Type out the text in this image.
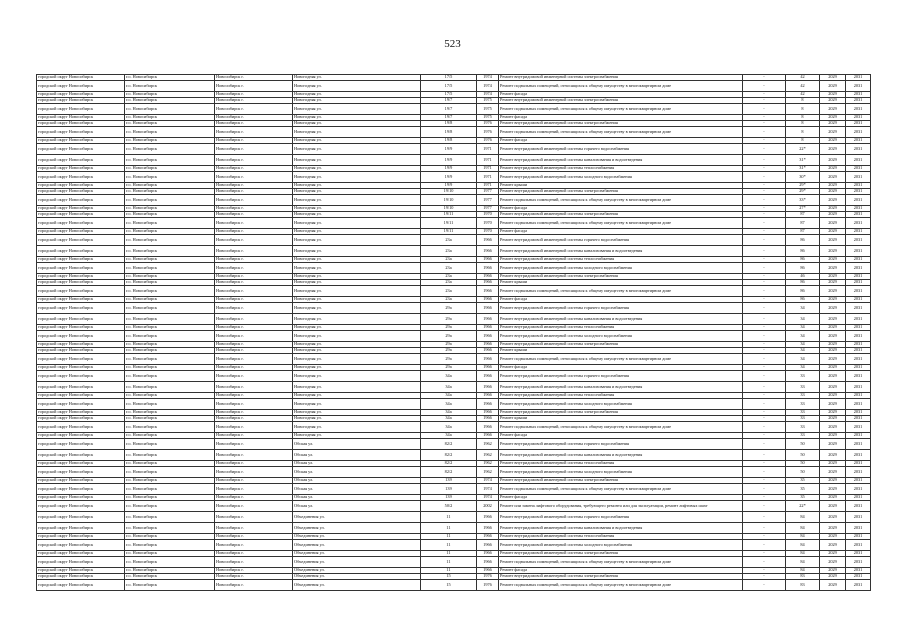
523
городской округ Новосибирск	г.о. Новосибирск	Новосибирск г.	Новогодняя ул.	17/5	1974	Ремонт внутридомовой инженерной системы электроснабжения	-	42	2029	2031
городской округ Новосибирск	г.о. Новосибирск	Новосибирск г.	Новогодняя ул.	17/5	1974	Ремонт подвальных помещений, относящихся к общему имуществу в многоквартирном доме	-	42	2029	2031
городской округ Новосибирск	г.о. Новосибирск	Новосибирск г.	Новогодняя ул.	17/5	1974	Ремонт фасада	-	42	2029	2031
городской округ Новосибирск	г.о. Новосибирск	Новосибирск г.	Новогодняя ул.	19/7	1975	Ремонт внутридомовой инженерной системы электроснабжения	-	8	2029	2031
городской округ Новосибирск	г.о. Новосибирск	Новосибирск г.	Новогодняя ул.	19/7	1975	Ремонт подвальных помещений, относящихся к общему имуществу в многоквартирном доме	-	8	2029	2031
городской округ Новосибирск	г.о. Новосибирск	Новосибирск г.	Новогодняя ул.	19/7	1975	Ремонт фасада	-	8	2029	2031
городской округ Новосибирск	г.о. Новосибирск	Новосибирск г.	Новогодняя ул.	19/8	1976	Ремонт внутридомовой инженерной системы электроснабжения	-	8	2029	2031
городской округ Новосибирск	г.о. Новосибирск	Новосибирск г.	Новогодняя ул.	19/8	1976	Ремонт подвальных помещений, относящихся к общему имуществу в многоквартирном доме	-	8	2029	2031
городской округ Новосибирск	г.о. Новосибирск	Новосибирск г.	Новогодняя ул.	19/8	1976	Ремонт фасада	-	8	2029	2031
городской округ Новосибирск	г.о. Новосибирск	Новосибирск г.	Новогодняя ул.	19/9	1971	Ремонт внутридомовой инженерной системы горячего водоснабжения	-	22*	2029	2031
городской округ Новосибирск	г.о. Новосибирск	Новосибирск г.	Новогодняя ул.	19/9	1971	Ремонт внутридомовой инженерной системы канализования и водоотведения	-	31*	2029	2031
городской округ Новосибирск	г.о. Новосибирск	Новосибирск г.	Новогодняя ул.	19/9	1971	Ремонт внутридомовой инженерной системы теплоснабжения	-	31*	2029	2031
городской округ Новосибирск	г.о. Новосибирск	Новосибирск г.	Новогодняя ул.	19/9	1971	Ремонт внутридомовой инженерной системы холодного водоснабжения	-	30*	2029	2031
городской округ Новосибирск	г.о. Новосибирск	Новосибирск г.	Новогодняя ул.	19/9	1971	Ремонт крыши	-	29*	2029	2031
городской округ Новосибирск	г.о. Новосибирск	Новосибирск г.	Новогодняя ул.	19/10	1977	Ремонт внутридомовой инженерной системы электроснабжения	-	29*	2029	2031
городской округ Новосибирск	г.о. Новосибирск	Новосибирск г.	Новогодняя ул.	19/10	1977	Ремонт подвальных помещений, относящихся к общему имуществу в многоквартирном доме	-	33*	2029	2031
городской округ Новосибирск	г.о. Новосибирск	Новосибирск г.	Новогодняя ул.	19/10	1977	Ремонт фасада	-	27*	2029	2031
городской округ Новосибирск	г.о. Новосибирск	Новосибирск г.	Новогодняя ул.	19/11	1970	Ремонт внутридомовой инженерной системы электроснабжения	-	87	2029	2031
городской округ Новосибирск	г.о. Новосибирск	Новосибирск г.	Новогодняя ул.	19/11	1970	Ремонт подвальных помещений, относящихся к общему имуществу в многоквартирном доме	-	87	2029	2031
городской округ Новосибирск	г.о. Новосибирск	Новосибирск г.	Новогодняя ул.	19/11	1970	Ремонт фасада	-	87	2029	2031
городской округ Новосибирск	г.о. Новосибирск	Новосибирск г.	Новогодняя ул.	23а	1966	Ремонт внутридомовой инженерной системы горячего водоснабжения	-	86	2029	2031
городской округ Новосибирск	г.о. Новосибирск	Новосибирск г.	Новогодняя ул.	23а	1966	Ремонт внутридомовой инженерной системы канализования и водоотведения	-	86	2029	2031
городской округ Новосибирск	г.о. Новосибирск	Новосибирск г.	Новогодняя ул.	23а	1966	Ремонт внутридомовой инженерной системы теплоснабжения	-	86	2029	2031
городской округ Новосибирск	г.о. Новосибирск	Новосибирск г.	Новогодняя ул.	23а	1966	Ремонт внутридомовой инженерной системы холодного водоснабжения	-	86	2029	2031
городской округ Новосибирск	г.о. Новосибирск	Новосибирск г.	Новогодняя ул.	23а	1966	Ремонт внутридомовой инженерной системы электроснабжения	-	46	2029	2031
городской округ Новосибирск	г.о. Новосибирск	Новосибирск г.	Новогодняя ул.	23а	1966	Ремонт крыши	-	86	2029	2031
городской округ Новосибирск	г.о. Новосибирск	Новосибирск г.	Новогодняя ул.	23а	1966	Ремонт подвальных помещений, относящихся к общему имуществу в многоквартирном доме	-	86	2029	2031
городской округ Новосибирск	г.о. Новосибирск	Новосибирск г.	Новогодняя ул.	23а	1966	Ремонт фасада	-	86	2029	2031
городской округ Новосибирск	г.о. Новосибирск	Новосибирск г.	Новогодняя ул.	29а	1966	Ремонт внутридомовой инженерной системы горячего водоснабжения	-	34	2029	2031
городской округ Новосибирск	г.о. Новосибирск	Новосибирск г.	Новогодняя ул.	29а	1966	Ремонт внутридомовой инженерной системы канализования и водоотведения	-	34	2029	2031
городской округ Новосибирск	г.о. Новосибирск	Новосибирск г.	Новогодняя ул.	29а	1966	Ремонт внутридомовой инженерной системы теплоснабжения	-	34	2029	2031
городской округ Новосибирск	г.о. Новосибирск	Новосибирск г.	Новогодняя ул.	29а	1966	Ремонт внутридомовой инженерной системы холодного водоснабжения	-	34	2029	2031
городской округ Новосибирск	г.о. Новосибирск	Новосибирск г.	Новогодняя ул.	29а	1966	Ремонт внутридомовой инженерной системы электроснабжения	-	34	2029	2031
городской округ Новосибирск	г.о. Новосибирск	Новосибирск г.	Новогодняя ул.	29а	1966	Ремонт крыши	-	34	2029	2031
городской округ Новосибирск	г.о. Новосибирск	Новосибирск г.	Новогодняя ул.	29а	1966	Ремонт подвальных помещений, относящихся к общему имуществу в многоквартирном доме	-	34	2029	2031
городской округ Новосибирск	г.о. Новосибирск	Новосибирск г.	Новогодняя ул.	29а	1966	Ремонт фасада	-	34	2029	2031
городской округ Новосибирск	г.о. Новосибирск	Новосибирск г.	Новогодняя ул.	34а	1966	Ремонт внутридомовой инженерной системы горячего водоснабжения	-	33	2029	2031
городской округ Новосибирск	г.о. Новосибирск	Новосибирск г.	Новогодняя ул.	34а	1966	Ремонт внутридомовой инженерной системы канализования и водоотведения	-	33	2029	2031
городской округ Новосибирск	г.о. Новосибирск	Новосибирск г.	Новогодняя ул.	34а	1966	Ремонт внутридомовой инженерной системы теплоснабжения	-	33	2029	2031
городской округ Новосибирск	г.о. Новосибирск	Новосибирск г.	Новогодняя ул.	34а	1966	Ремонт внутридомовой инженерной системы холодного водоснабжения	-	33	2029	2031
городской округ Новосибирск	г.о. Новосибирск	Новосибирск г.	Новогодняя ул.	34а	1966	Ремонт внутридомовой инженерной системы электроснабжения	-	33	2029	2031
городской округ Новосибирск	г.о. Новосибирск	Новосибирск г.	Новогодняя ул.	34а	1966	Ремонт крыши	-	33	2029	2031
городской округ Новосибирск	г.о. Новосибирск	Новосибирск г.	Новогодняя ул.	34а	1966	Ремонт подвальных помещений, относящихся к общему имуществу в многоквартирном доме	-	33	2029	2031
городской округ Новосибирск	г.о. Новосибирск	Новосибирск г.	Новогодняя ул.	34а	1966	Ремонт фасада	-	33	2029	2031
городской округ Новосибирск	г.о. Новосибирск	Новосибирск г.	Обская ул.	82/2	1962	Ремонт внутридомовой инженерной системы горячего водоснабжения	-	50	2029	2031
городской округ Новосибирск	г.о. Новосибирск	Новосибирск г.	Обская ул.	82/2	1962	Ремонт внутридомовой инженерной системы канализования и водоотведения	-	50	2029	2031
городской округ Новосибирск	г.о. Новосибирск	Новосибирск г.	Обская ул.	82/2	1962	Ремонт внутридомовой инженерной системы теплоснабжения	-	50	2029	2031
городской округ Новосибирск	г.о. Новосибирск	Новосибирск г.	Обская ул.	82/2	1962	Ремонт внутридомовой инженерной системы холодного водоснабжения	-	50	2029	2031
городской округ Новосибирск	г.о. Новосибирск	Новосибирск г.	Обская ул.	139	1974	Ремонт внутридомовой инженерной системы электроснабжения	-	35	2029	2031
городской округ Новосибирск	г.о. Новосибирск	Новосибирск г.	Обская ул.	139	1974	Ремонт подвальных помещений, относящихся к общему имуществу в многоквартирном доме	-	35	2029	2031
городской округ Новосибирск	г.о. Новосибирск	Новосибирск г.	Обская ул.	139	1974	Ремонт фасада	-	35	2029	2031
городской округ Новосибирск	г.о. Новосибирск	Новосибирск г.	Обская ул.	50/2	2002	Ремонт или замена лифтового оборудования, требующего ремонта или для эксплуатации, ремонт лифтовых шахт	-	22*	2029	2031
городской округ Новосибирск	г.о. Новосибирск	Новосибирск г.	Объединения ул.	11	1966	Ремонт внутридомовой инженерной системы горячего водоснабжения	-	84	2029	2031
городской округ Новосибирск	г.о. Новосибирск	Новосибирск г.	Объединения ул.	11	1966	Ремонт внутридомовой инженерной системы канализования и водоотведения	-	84	2029	2031
городской округ Новосибирск	г.о. Новосибирск	Новосибирск г.	Объединения ул.	11	1966	Ремонт внутридомовой инженерной системы теплоснабжения	-	84	2029	2031
городской округ Новосибирск	г.о. Новосибирск	Новосибирск г.	Объединения ул.	11	1966	Ремонт внутридомовой инженерной системы холодного водоснабжения	-	84	2029	2031
городской округ Новосибирск	г.о. Новосибирск	Новосибирск г.	Объединения ул.	11	1966	Ремонт внутридомовой инженерной системы электроснабжения	-	84	2029	2031
городской округ Новосибирск	г.о. Новосибирск	Новосибирск г.	Объединения ул.	11	1966	Ремонт подвальных помещений, относящихся к общему имуществу в многоквартирном доме	-	84	2029	2031
городской округ Новосибирск	г.о. Новосибирск	Новосибирск г.	Объединения ул.	11	1966	Ремонт фасада	-	84	2029	2031
городской округ Новосибирск	г.о. Новосибирск	Новосибирск г.	Объединения ул.	15	1976	Ремонт внутридомовой инженерной системы электроснабжения	-	83	2029	2031
городской округ Новосибирск	г.о. Новосибирск	Новосибирск г.	Объединения ул.	15	1976	Ремонт подвальных помещений, относящихся к общему имуществу в многоквартирном доме	-	83	2029	2031
